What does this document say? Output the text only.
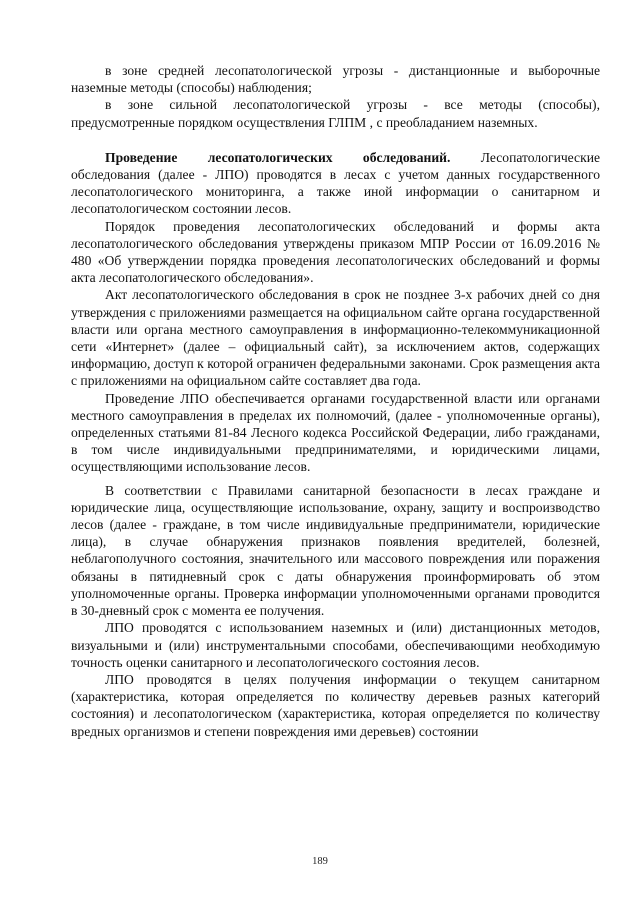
в зоне средней лесопатологической угрозы - дистанционные и выборочные наземные методы (способы) наблюдения;

в зоне сильной лесопатологической угрозы - все методы (способы), предусмотренные порядком осуществления ГЛПМ , с преобладанием наземных.

Проведение лесопатологических обследований. Лесопатологические обследования (далее - ЛПО) проводятся в лесах с учетом данных государственного лесопатологического мониторинга, а также иной информации о санитарном и лесопатологическом состоянии лесов.

Порядок проведения лесопатологических обследований и формы акта лесопатологического обследования утверждены приказом МПР России от 16.09.2016 № 480 «Об утверждении порядка проведения лесопатологических обследований и формы акта лесопатологического обследования».

Акт лесопатологического обследования в срок не позднее 3-х рабочих дней со дня утверждения с приложениями размещается на официальном сайте органа государственной власти или органа местного самоуправления в информационно-телекоммуникационной сети «Интернет» (далее – официальный сайт), за исключением актов, содержащих информацию, доступ к которой ограничен федеральными законами. Срок размещения акта с приложениями на официальном сайте составляет два года.

Проведение ЛПО обеспечивается органами государственной власти или органами местного самоуправления в пределах их полномочий, (далее - уполномоченные органы), определенных статьями 81-84 Лесного кодекса Российской Федерации, либо гражданами, в том числе индивидуальными предпринимателями, и юридическими лицами, осуществляющими использование лесов.

В соответствии с Правилами санитарной безопасности в лесах граждане и юридические лица, осуществляющие использование, охрану, защиту и воспроизводство лесов (далее - граждане, в том числе индивидуальные предприниматели, юридические лица), в случае обнаружения признаков появления вредителей, болезней, неблагополучного состояния, значительного или массового повреждения или поражения обязаны в пятидневный срок с даты обнаружения проинформировать об этом уполномоченные органы. Проверка информации уполномоченными органами проводится в 30-дневный срок с момента ее получения.

ЛПО проводятся с использованием наземных и (или) дистанционных методов, визуальными и (или) инструментальными способами, обеспечивающими необходимую точность оценки санитарного и лесопатологического состояния лесов.

ЛПО проводятся в целях получения информации о текущем санитарном (характеристика, которая определяется по количеству деревьев разных категорий состояния) и лесопатологическом (характеристика, которая определяется по количеству вредных организмов и степени повреждения ими деревьев) состоянии

189
